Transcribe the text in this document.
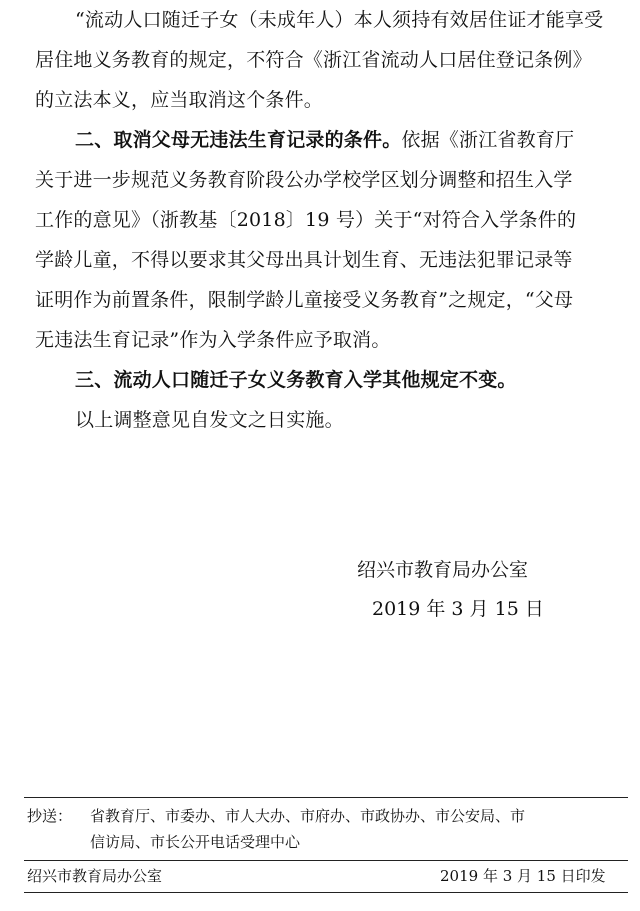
“流动人口随迁子女（未成年人）本人须持有效居住证才能享受
居住地义务教育的规定，不符合《浙江省流动人口居住登记条例》
的立法本义，应当取消这个条件。
二、取消父母无违法生育记录的条件。依据《浙江省教育厅
关于进一步规范义务教育阶段公办学校学区划分调整和招生入学
工作的意见》（浙教基〔2018〕19 号）关于“对符合入学条件的
学龄儿童，不得以要求其父母出具计划生育、无违法犯罪记录等
证明作为前置条件，限制学龄儿童接受义务教育”之规定，“父母
无违法生育记录”作为入学条件应予取消。
三、流动人口随迁子女义务教育入学其他规定不变。
以上调整意见自发文之日实施。
绍兴市教育局办公室
2019 年 3 月 15 日
抄送： 省教育厅、市委办、市人大办、市府办、市政协办、市公安局、市
信访局、市长公开电话受理中心
绍兴市教育局办公室	2019 年 3 月 15 日印发
